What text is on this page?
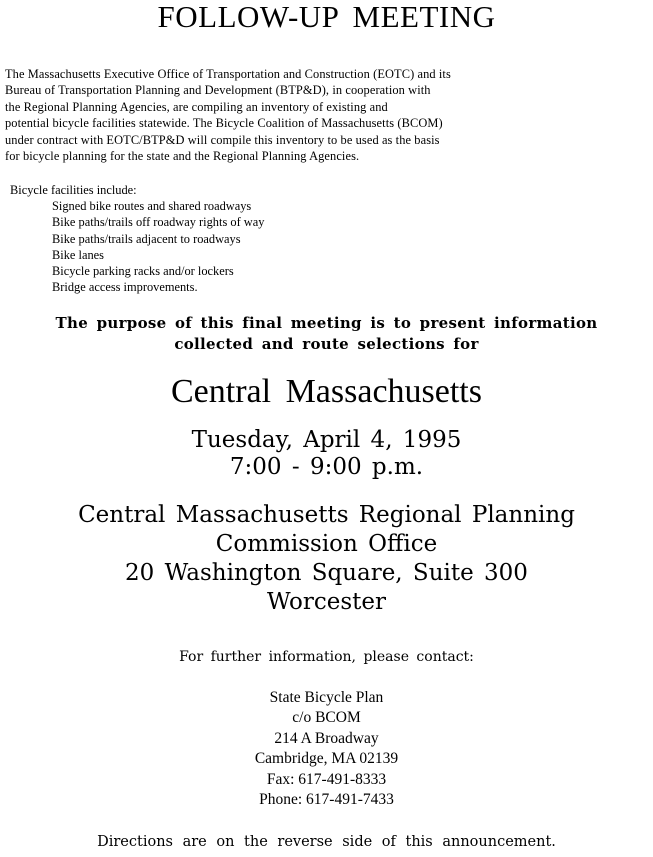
FOLLOW-UP MEETING
The Massachusetts Executive Office of Transportation and Construction (EOTC) and its
Bureau of Transportation Planning and Development (BTP&D), in cooperation with
the Regional Planning Agencies, are compiling an inventory of existing and
potential bicycle facilities statewide. The Bicycle Coalition of Massachusetts (BCOM)
under contract with EOTC/BTP&D will compile this inventory to be used as the basis
for bicycle planning for the state and the Regional Planning Agencies.
Bicycle facilities include:
Signed bike routes and shared roadways
Bike paths/trails off roadway rights of way
Bike paths/trails adjacent to roadways
Bike lanes
Bicycle parking racks and/or lockers
Bridge access improvements.
The purpose of this final meeting is to present information
collected and route selections for
Central Massachusetts
Tuesday, April 4, 1995
7:00 - 9:00 p.m.
Central Massachusetts Regional Planning
Commission Office
20 Washington Square, Suite 300
Worcester
For further information, please contact:
State Bicycle Plan
c/o BCOM
214 A Broadway
Cambridge, MA 02139
Fax: 617-491-8333
Phone: 617-491-7433
Directions are on the reverse side of this announcement.
